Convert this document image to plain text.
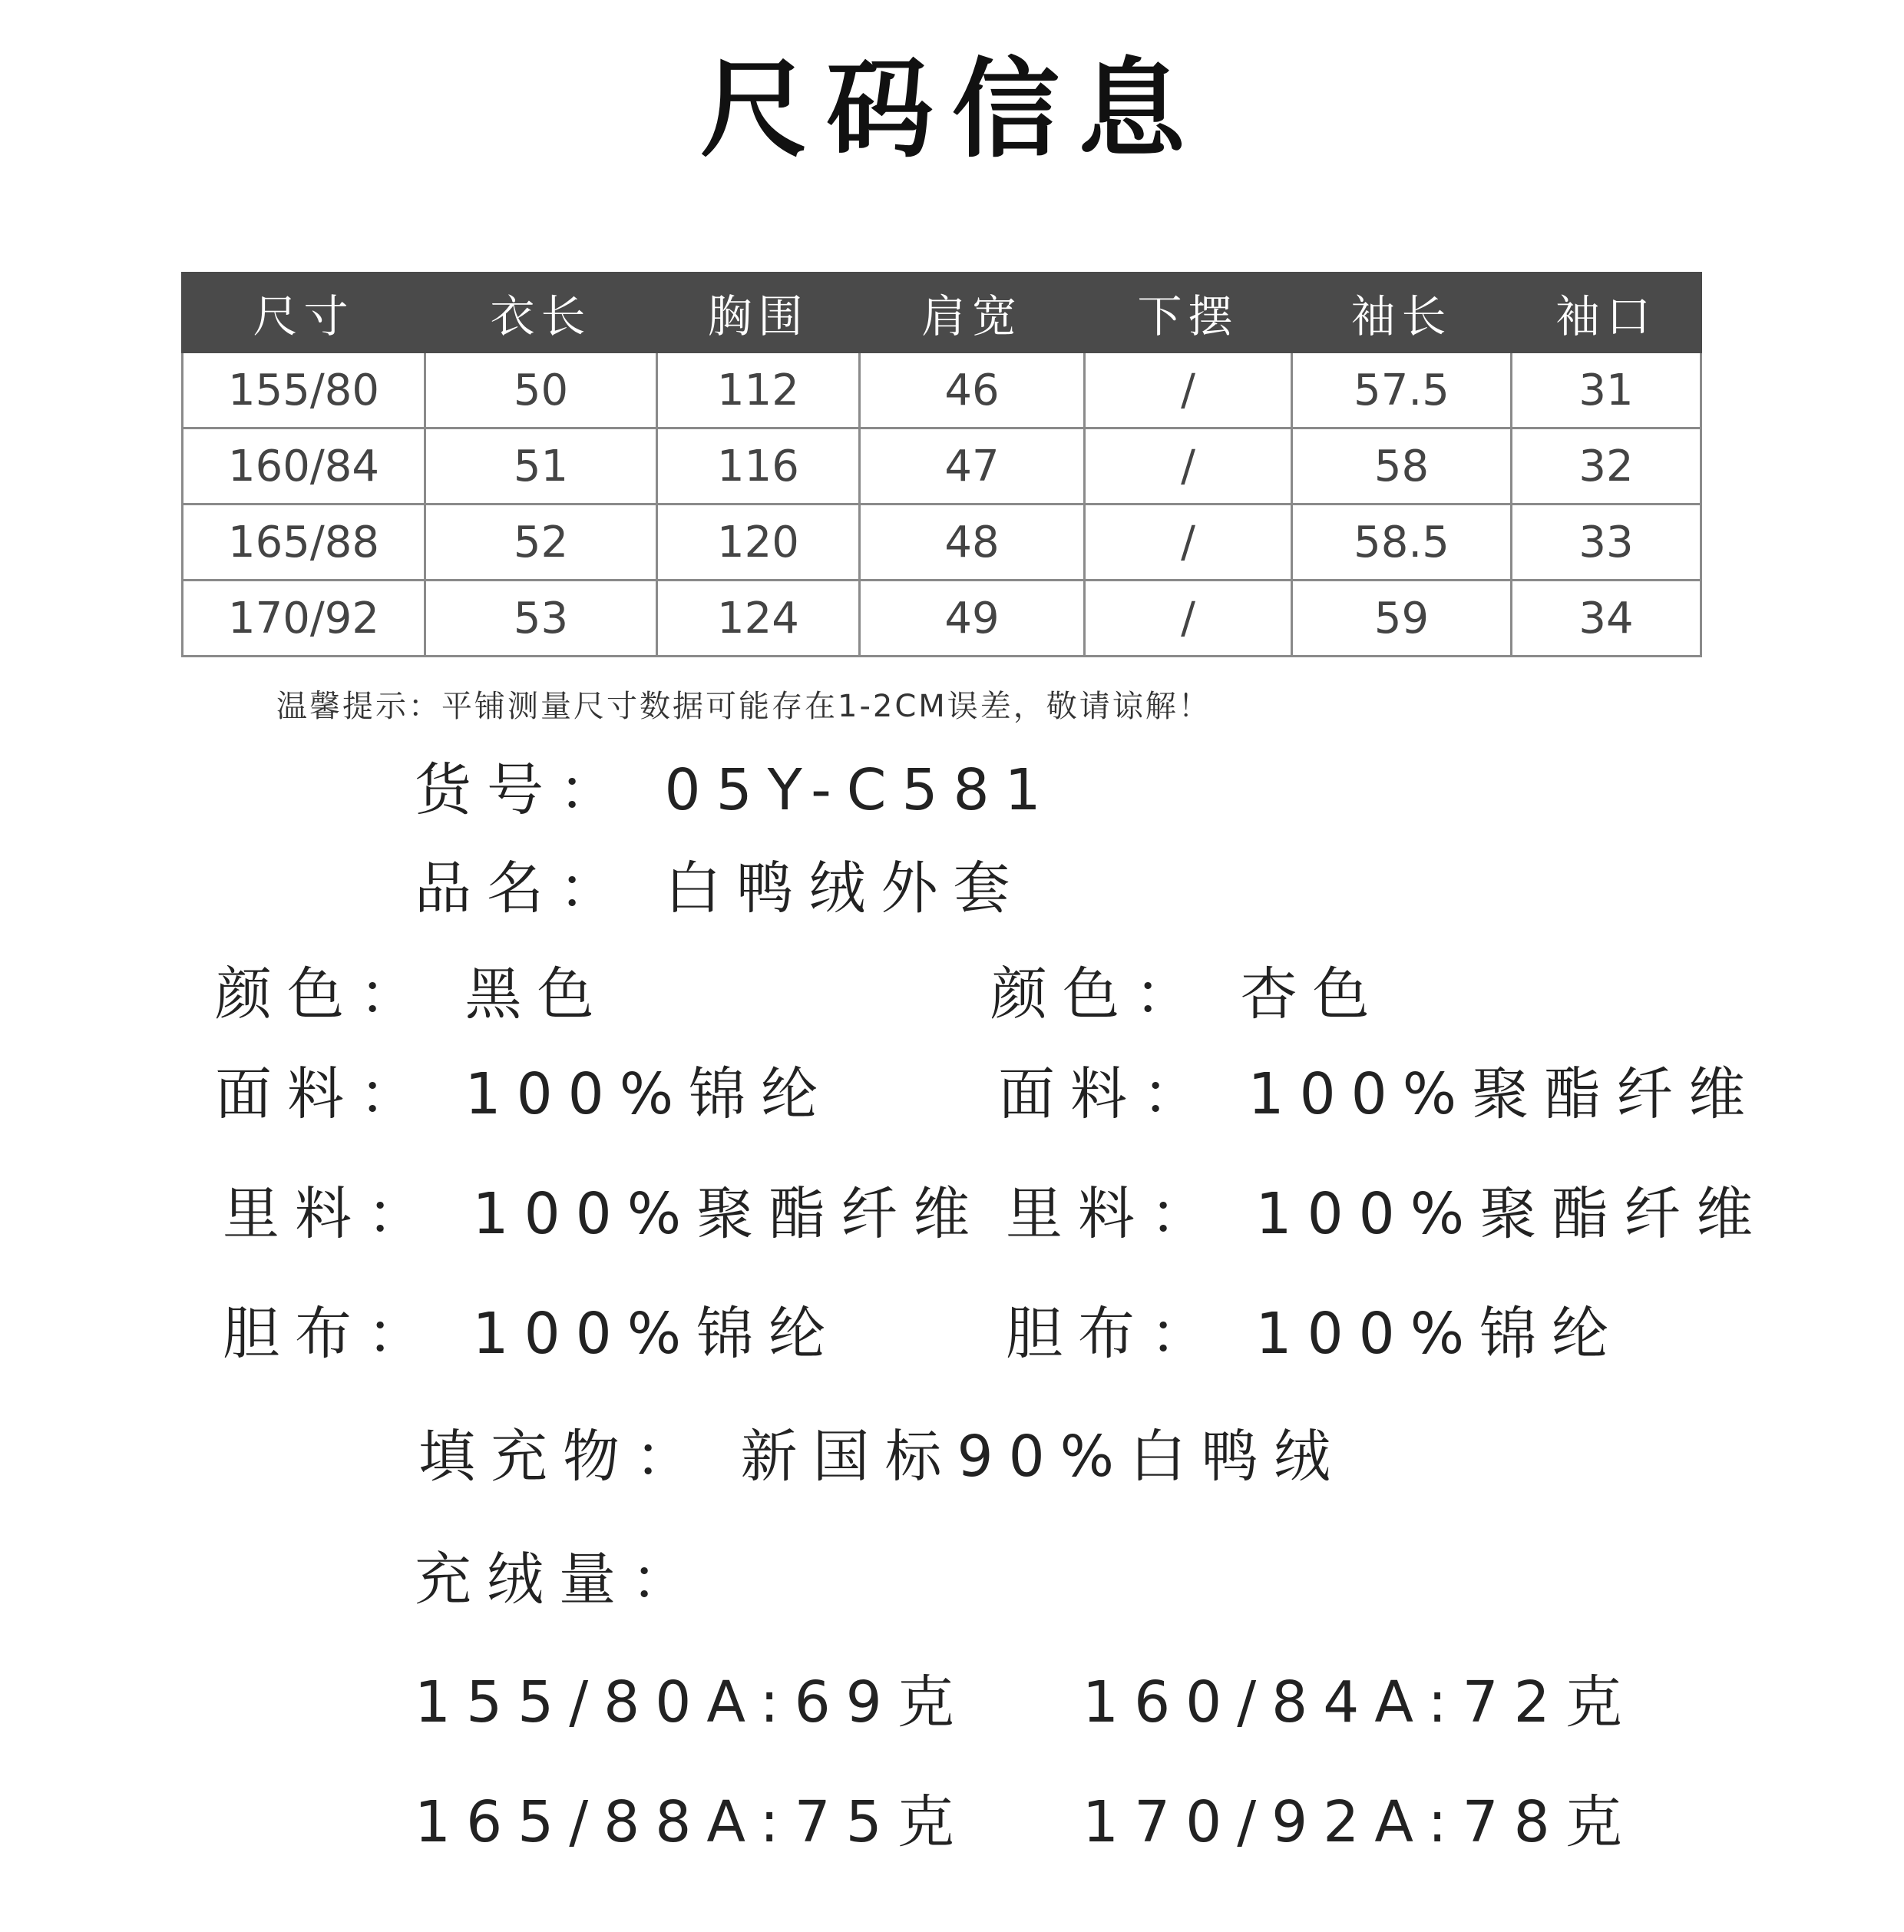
尺码信息
尺寸	衣长	胸围	肩宽	下摆	袖长	袖口
155/80	50	112	46	/	57.5	31
160/84	51	116	47	/	58	32
165/88	52	120	48	/	58.5	33
170/92	53	124	49	/	59	34
温馨提示：平铺测量尺寸数据可能存在1-2CM误差，敬请谅解！
货号： 05Y-C581
品名： 白鸭绒外套
颜色： 黑色	颜色： 杏色
面料： 100%锦纶	面料： 100%聚酯纤维
里料： 100%聚酯纤维 里料： 100%聚酯纤维
胆布： 100%锦纶	胆布： 100%锦纶
填充物： 新国标90%白鸭绒
充绒量：
155/80A:69克 160/84A:72克
165/88A:75克 170/92A:78克
